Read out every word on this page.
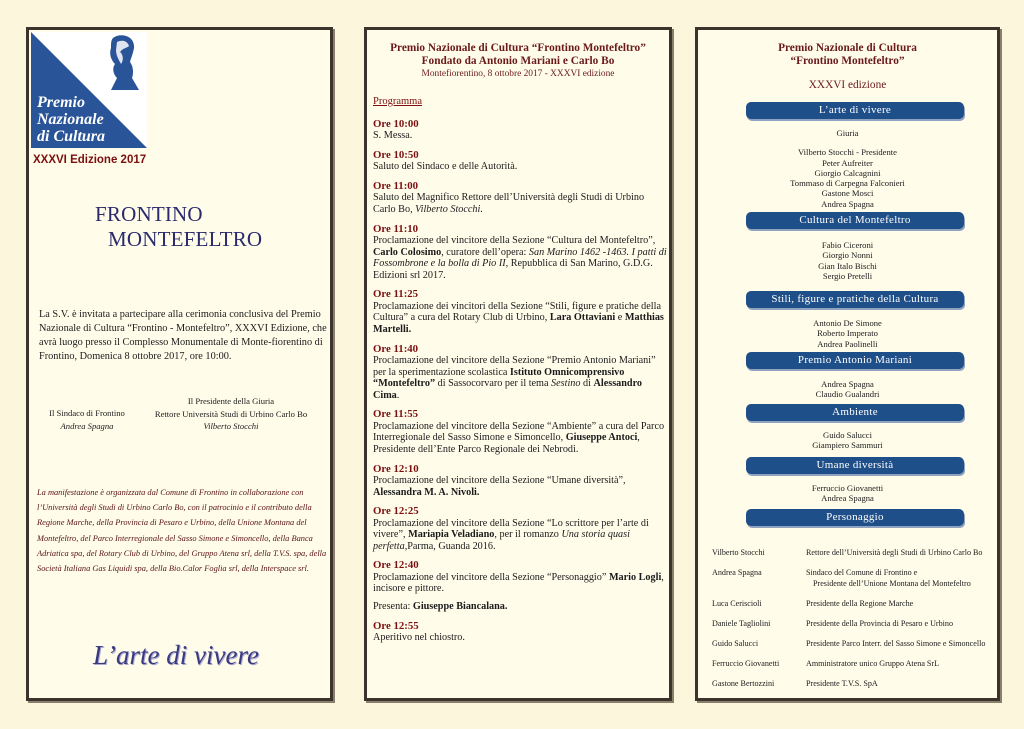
Premio
Nazionale
di Cultura
XXXVI Edizione 2017
FRONTINO
MONTEFELTRO
La S.V. è invitata a partecipare alla cerimonia conclusiva del Premio Nazionale di Cultura “Frontino - Montefeltro”, XXXVI Edizione, che avrà luogo presso il Complesso Monumentale di Monte-fiorentino di Frontino, Domenica 8 ottobre 2017, ore 10:00.
Il Sindaco di Frontino
Andrea Spagna
Il Presidente della Giuria
Rettore Università Studi di Urbino Carlo Bo
Vilberto Stocchi
La manifestazione è organizzata dal Comune di Frontino in collaborazione con l’Università degli Studi di Urbino Carlo Bo, con il patrocinio e il contributo della Regione Marche, della Provincia di Pesaro e Urbino, della Unione Montana del Montefeltro, del Parco Interregionale del Sasso Simone e Simoncello, della Banca Adriatica spa, del Rotary Club di Urbino, del Gruppo Atena srl, della T.V.S. spa, della Società Italiana Gas Liquidi spa, della Bio.Calor Foglia srl, della Interspace srl.
L’arte di vivere
Premio Nazionale di Cultura “Frontino Montefeltro”
Fondato da Antonio Mariani e Carlo Bo
Montefiorentino, 8 ottobre 2017 - XXXVI edizione
Programma
Ore 10:00
S. Messa.
Ore 10:50
Saluto del Sindaco e delle Autorità.
Ore 11:00
Saluto del Magnifico Rettore dell’Università degli Studi di Urbino Carlo Bo, Vilberto Stocchi.
Ore 11:10
Proclamazione del vincitore della Sezione “Cultura del Montefeltro”, Carlo Colosimo, curatore dell’opera: San Marino 1462 -1463. I patti di Fossombrone e la bolla di Pio II, Repubblica di San Marino, G.D.G. Edizioni srl 2017.
Ore 11:25
Proclamazione dei vincitori della Sezione “Stili, figure e pratiche della Cultura” a cura del Rotary Club di Urbino, Lara Ottaviani e Matthias Martelli.
Ore 11:40
Proclamazione del vincitore della Sezione “Premio Antonio Mariani” per la sperimentazione scolastica Istituto Omnicomprensivo “Montefeltro” di Sassocorvaro per il tema Sestino di Alessandro Cima.
Ore 11:55
Proclamazione del vincitore della Sezione “Ambiente” a cura del Parco Interregionale del Sasso Simone e Simoncello, Giuseppe Antoci, Presidente dell’Ente Parco Regionale dei Nebrodi.
Ore 12:10
Proclamazione del vincitore della Sezione “Umane diversità”, Alessandra M. A. Nivoli.
Ore 12:25
Proclamazione del vincitore della Sezione “Lo scrittore per l’arte di vivere”, Mariapia Veladiano, per il romanzo Una storia quasi perfetta,Parma, Guanda 2016.
Ore 12:40
Proclamazione del vincitore della Sezione “Personaggio” Mario Logli, incisore e pittore.
Presenta: Giuseppe Biancalana.
Ore 12:55
Aperitivo nel chiostro.
Premio Nazionale di Cultura
“Frontino Montefeltro”
XXXVI edizione
L’arte di vivere
Giuria
Vilberto Stocchi - Presidente
Peter Aufreiter
Giorgio Calcagnini
Tommaso di Carpegna Falconieri
Gastone Mosci
Andrea Spagna
Cultura del Montefeltro
Fabio Ciceroni
Giorgio Nonni
Gian Italo Bischi
Sergio Pretelli
Stili, figure e pratiche della Cultura
Antonio De Simone
Roberto Imperato
Andrea Paolinelli
Premio Antonio Mariani
Andrea Spagna
Claudio Gualandri
Ambiente
Guido Salucci
Giampiero Sammuri
Umane diversità
Ferruccio Giovanetti
Andrea Spagna
Personaggio
Vilberto Stocchi	Rettore dell’Università degli Studi di Urbino Carlo Bo
Andrea Spagna	Sindaco del Comune di Frontino e
Presidente dell’Unione Montana del Montefeltro
Luca Ceriscioli	Presidente della Regione Marche
Daniele Tagliolini	Presidente della Provincia di Pesaro e Urbino
Guido Salucci	Presidente Parco Interr. del Sasso Simone e Simoncello
Ferruccio Giovanetti	Amministratore unico Gruppo Atena SrL
Gastone Bertozzini	Presidente T.V.S. SpA
